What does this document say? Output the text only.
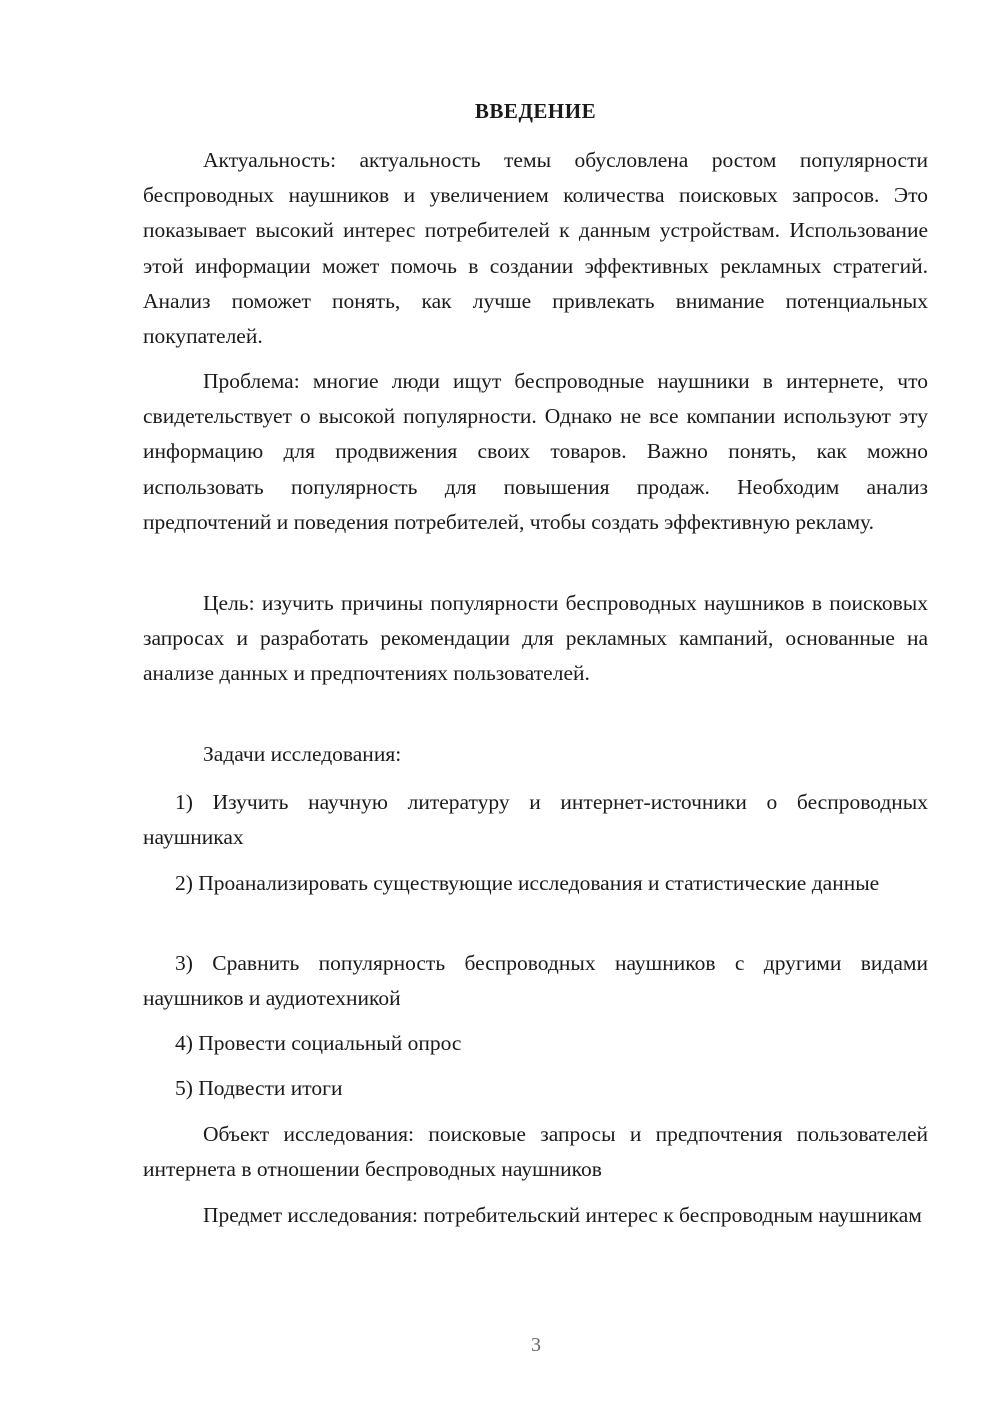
ВВЕДЕНИЕ

Актуальность: актуальность темы обусловлена ростом популярности беспроводных наушников и увеличением количества поисковых запросов. Это показывает высокий интерес потребителей к данным устройствам. Использование этой информации может помочь в создании эффективных рекламных стратегий. Анализ поможет понять, как лучше привлекать внимание потенциальных покупателей.

Проблема: многие люди ищут беспроводные наушники в интернете, что свидетельствует о высокой популярности. Однако не все компании используют эту информацию для продвижения своих товаров. Важно понять, как можно использовать популярность для повышения продаж. Необходим анализ предпочтений и поведения потребителей, чтобы создать эффективную рекламу.

Цель: изучить причины популярности беспроводных наушников в поисковых запросах и разработать рекомендации для рекламных кампаний, основанные на анализе данных и предпочтениях пользователей.

Задачи исследования:

1) Изучить научную литературу и интернет-источники о беспроводных наушниках

2) Проанализировать существующие исследования и статистические данные

3) Сравнить популярность беспроводных наушников с другими видами наушников и аудиотехникой

4) Провести социальный опрос

5) Подвести итоги

Объект исследования: поисковые запросы и предпочтения пользователей интернета в отношении беспроводных наушников

Предмет исследования: потребительский интерес к беспроводным наушникам

3
